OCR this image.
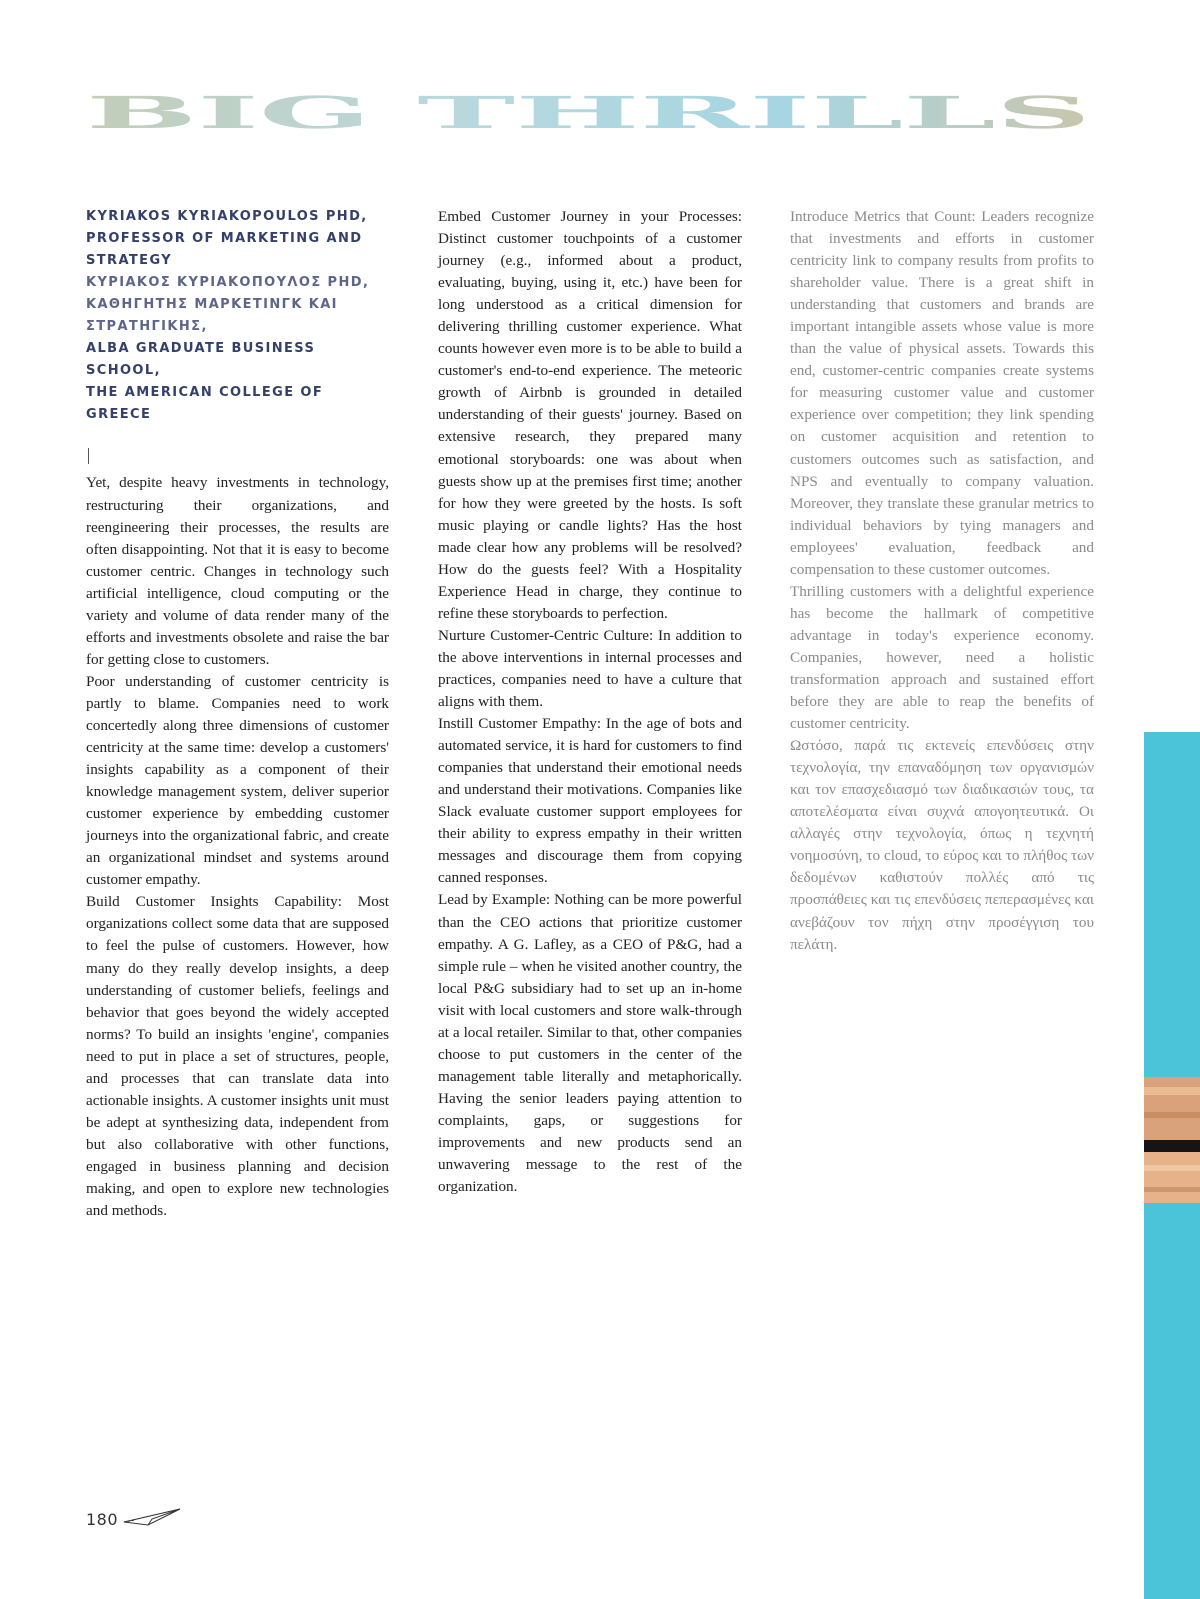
BIG THRILLS
KYRIAKOS KYRIAKOPOULOS PHD,
PROFESSOR OF MARKETING AND STRATEGY
ΚΥΡΙΑΚΟΣ ΚΥΡΙΑΚΟΠΟΥΛΟΣ PHD,
ΚΑΘΗΓΗΤΗΣ ΜΑΡΚΕΤΙΝΓΚ ΚΑΙ ΣΤΡΑΤΗΓΙΚΗΣ,
ALBA GRADUATE BUSINESS SCHOOL,
THE AMERICAN COLLEGE OF GREECE

Yet, despite heavy investments in technology, restructuring their organizations, and reengineering their processes, the results are often disappointing. Not that it is easy to become customer centric. Changes in technology such artificial intelligence, cloud computing or the variety and volume of data render many of the efforts and investments obsolete and raise the bar for getting close to customers.

Poor understanding of customer centricity is partly to blame. Companies need to work concertedly along three dimensions of customer centricity at the same time: develop a customers' insights capability as a component of their knowledge management system, deliver superior customer experience by embedding customer journeys into the organizational fabric, and create an organizational mindset and systems around customer empathy.

Build Customer Insights Capability: Most organizations collect some data that are supposed to feel the pulse of customers. However, how many do they really develop insights, a deep understanding of customer beliefs, feelings and behavior that goes beyond the widely accepted norms? To build an insights 'engine', companies need to put in place a set of structures, people, and processes that can translate data into actionable insights. A customer insights unit must be adept at synthesizing data, independent from but also collaborative with other functions, engaged in business planning and decision making, and open to explore new technologies and methods.

Embed Customer Journey in your Processes: Distinct customer touchpoints of a customer journey (e.g., informed about a product, evaluating, buying, using it, etc.) have been for long understood as a critical dimension for delivering thrilling customer experience. What counts however even more is to be able to build a customer's end-to-end experience. The meteoric growth of Airbnb is grounded in detailed understanding of their guests' journey. Based on extensive research, they prepared many emotional storyboards: one was about when guests show up at the premises first time; another for how they were greeted by the hosts. Is soft music playing or candle lights? Has the host made clear how any problems will be resolved? How do the guests feel? With a Hospitality Experience Head in charge, they continue to refine these storyboards to perfection.

Nurture Customer-Centric Culture: In addition to the above interventions in internal processes and practices, companies need to have a culture that aligns with them.

Instill Customer Empathy: In the age of bots and automated service, it is hard for customers to find companies that understand their emotional needs and understand their motivations. Companies like Slack evaluate customer support employees for their ability to express empathy in their written messages and discourage them from copying canned responses.

Lead by Example: Nothing can be more powerful than the CEO actions that prioritize customer empathy. A G. Lafley, as a CEO of P&G, had a simple rule – when he visited another country, the local P&G subsidiary had to set up an in-home visit with local customers and store walk-through at a local retailer. Similar to that, other companies choose to put customers in the center of the management table literally and metaphorically. Having the senior leaders paying attention to complaints, gaps, or suggestions for improvements and new products send an unwavering message to the rest of the organization.

Introduce Metrics that Count: Leaders recognize that investments and efforts in customer centricity link to company results from profits to shareholder value. There is a great shift in understanding that customers and brands are important intangible assets whose value is more than the value of physical assets. Towards this end, customer-centric companies create systems for measuring customer value and customer experience over competition; they link spending on customer acquisition and retention to customers outcomes such as satisfaction, and NPS and eventually to company valuation. Moreover, they translate these granular metrics to individual behaviors by tying managers and employees' evaluation, feedback and compensation to these customer outcomes.

Thrilling customers with a delightful experience has become the hallmark of competitive advantage in today's experience economy. Companies, however, need a holistic transformation approach and sustained effort before they are able to reap the benefits of customer centricity.

Ωστόσο, παρά τις εκτενείς επενδύσεις στην τεχνολογία, την επαναδόμηση των οργανισμών και τον επασχεδιασμό των διαδικασιών τους, τα αποτελέσματα είναι συχνά απογοητευτικά. Οι αλλαγές στην τεχνολογία, όπως η τεχνητή νοημοσύνη, το cloud, το εύρος και το πλήθος των δεδομένων καθιστούν πολλές από τις προσπάθειες και τις επενδύσεις πεπερασμένες και ανεβάζουν τον πήχη στην προσέγγιση του πελάτη.

180
